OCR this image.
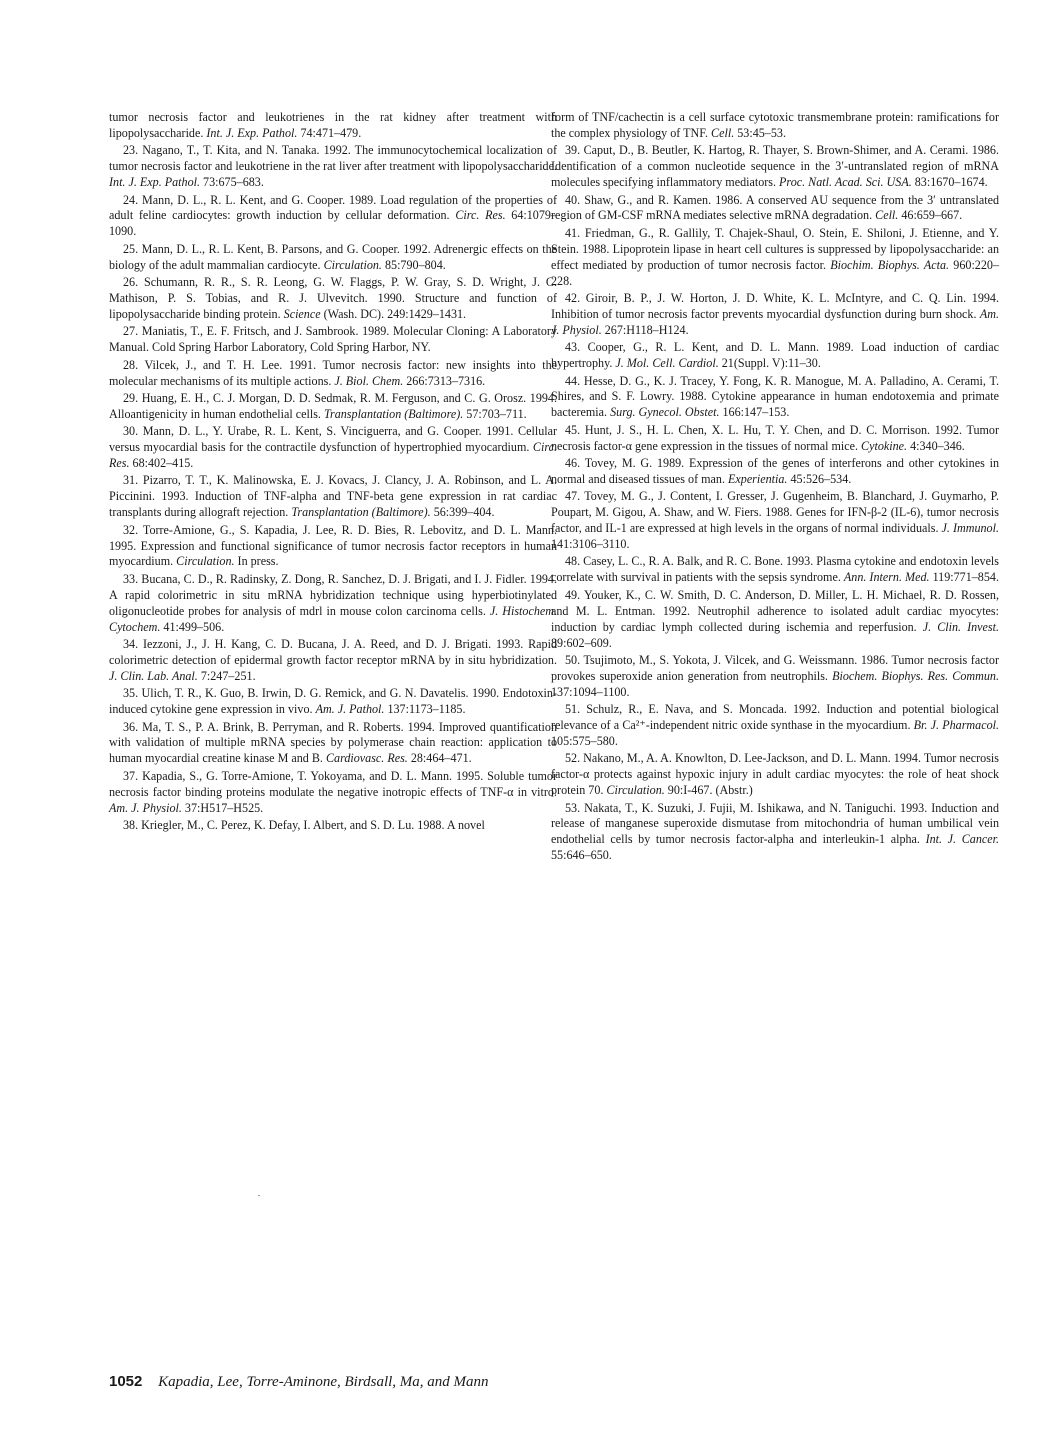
tumor necrosis factor and leukotrienes in the rat kidney after treatment with lipopolysaccharide. Int. J. Exp. Pathol. 74:471–479.

23. Nagano, T., T. Kita, and N. Tanaka. 1992. The immunocytochemical localization of tumor necrosis factor and leukotriene in the rat liver after treatment with lipopolysaccharide. Int. J. Exp. Pathol. 73:675–683.

24. Mann, D. L., R. L. Kent, and G. Cooper. 1989. Load regulation of the properties of adult feline cardiocytes: growth induction by cellular deformation. Circ. Res. 64:1079–1090.

25. Mann, D. L., R. L. Kent, B. Parsons, and G. Cooper. 1992. Adrenergic effects on the biology of the adult mammalian cardiocyte. Circulation. 85:790–804.

26. Schumann, R. R., S. R. Leong, G. W. Flaggs, P. W. Gray, S. D. Wright, J. C. Mathison, P. S. Tobias, and R. J. Ulvevitch. 1990. Structure and function of lipopolysaccharide binding protein. Science (Wash. DC). 249:1429–1431.

27. Maniatis, T., E. F. Fritsch, and J. Sambrook. 1989. Molecular Cloning: A Laboratory Manual. Cold Spring Harbor Laboratory, Cold Spring Harbor, NY.

28. Vilcek, J., and T. H. Lee. 1991. Tumor necrosis factor: new insights into the molecular mechanisms of its multiple actions. J. Biol. Chem. 266:7313–7316.

29. Huang, E. H., C. J. Morgan, D. D. Sedmak, R. M. Ferguson, and C. G. Orosz. 1994. Alloantigenicity in human endothelial cells. Transplantation (Baltimore). 57:703–711.

30. Mann, D. L., Y. Urabe, R. L. Kent, S. Vinciguerra, and G. Cooper. 1991. Cellular versus myocardial basis for the contractile dysfunction of hypertrophied myocardium. Circ. Res. 68:402–415.

31. Pizarro, T. T., K. Malinowska, E. J. Kovacs, J. Clancy, J. A. Robinson, and L. A. Piccinini. 1993. Induction of TNF-alpha and TNF-beta gene expression in rat cardiac transplants during allograft rejection. Transplantation (Baltimore). 56:399–404.

32. Torre-Amione, G., S. Kapadia, J. Lee, R. D. Bies, R. Lebovitz, and D. L. Mann. 1995. Expression and functional significance of tumor necrosis factor receptors in human myocardium. Circulation. In press.

33. Bucana, C. D., R. Radinsky, Z. Dong, R. Sanchez, D. J. Brigati, and I. J. Fidler. 1994. A rapid colorimetric in situ mRNA hybridization technique using hyperbiotinylated oligonucleotide probes for analysis of mdrl in mouse colon carcinoma cells. J. Histochem. Cytochem. 41:499–506.

34. Iezzoni, J., J. H. Kang, C. D. Bucana, J. A. Reed, and D. J. Brigati. 1993. Rapid colorimetric detection of epidermal growth factor receptor mRNA by in situ hybridization. J. Clin. Lab. Anal. 7:247–251.

35. Ulich, T. R., K. Guo, B. Irwin, D. G. Remick, and G. N. Davatelis. 1990. Endotoxin-induced cytokine gene expression in vivo. Am. J. Pathol. 137:1173–1185.

36. Ma, T. S., P. A. Brink, B. Perryman, and R. Roberts. 1994. Improved quantification with validation of multiple mRNA species by polymerase chain reaction: application to human myocardial creatine kinase M and B. Cardiovasc. Res. 28:464–471.

37. Kapadia, S., G. Torre-Amione, T. Yokoyama, and D. L. Mann. 1995. Soluble tumor necrosis factor binding proteins modulate the negative inotropic effects of TNF-α in vitro. Am. J. Physiol. 37:H517–H525.

38. Kriegler, M., C. Perez, K. Defay, I. Albert, and S. D. Lu. 1988. A novel

form of TNF/cachectin is a cell surface cytotoxic transmembrane protein: ramifications for the complex physiology of TNF. Cell. 53:45–53.

39. Caput, D., B. Beutler, K. Hartog, R. Thayer, S. Brown-Shimer, and A. Cerami. 1986. Identification of a common nucleotide sequence in the 3′-untranslated region of mRNA molecules specifying inflammatory mediators. Proc. Natl. Acad. Sci. USA. 83:1670–1674.

40. Shaw, G., and R. Kamen. 1986. A conserved AU sequence from the 3′ untranslated region of GM-CSF mRNA mediates selective mRNA degradation. Cell. 46:659–667.

41. Friedman, G., R. Gallily, T. Chajek-Shaul, O. Stein, E. Shiloni, J. Etienne, and Y. Stein. 1988. Lipoprotein lipase in heart cell cultures is suppressed by lipopolysaccharide: an effect mediated by production of tumor necrosis factor. Biochim. Biophys. Acta. 960:220–228.

42. Giroir, B. P., J. W. Horton, J. D. White, K. L. McIntyre, and C. Q. Lin. 1994. Inhibition of tumor necrosis factor prevents myocardial dysfunction during burn shock. Am. J. Physiol. 267:H118–H124.

43. Cooper, G., R. L. Kent, and D. L. Mann. 1989. Load induction of cardiac hypertrophy. J. Mol. Cell. Cardiol. 21(Suppl. V):11–30.

44. Hesse, D. G., K. J. Tracey, Y. Fong, K. R. Manogue, M. A. Palladino, A. Cerami, T. Shires, and S. F. Lowry. 1988. Cytokine appearance in human endotoxemia and primate bacteremia. Surg. Gynecol. Obstet. 166:147–153.

45. Hunt, J. S., H. L. Chen, X. L. Hu, T. Y. Chen, and D. C. Morrison. 1992. Tumor necrosis factor-α gene expression in the tissues of normal mice. Cytokine. 4:340–346.

46. Tovey, M. G. 1989. Expression of the genes of interferons and other cytokines in normal and diseased tissues of man. Experientia. 45:526–534.

47. Tovey, M. G., J. Content, I. Gresser, J. Gugenheim, B. Blanchard, J. Guymarho, P. Poupart, M. Gigou, A. Shaw, and W. Fiers. 1988. Genes for IFN-β-2 (IL-6), tumor necrosis factor, and IL-1 are expressed at high levels in the organs of normal individuals. J. Immunol. 141:3106–3110.

48. Casey, L. C., R. A. Balk, and R. C. Bone. 1993. Plasma cytokine and endotoxin levels correlate with survival in patients with the sepsis syndrome. Ann. Intern. Med. 119:771–854.

49. Youker, K., C. W. Smith, D. C. Anderson, D. Miller, L. H. Michael, R. D. Rossen, and M. L. Entman. 1992. Neutrophil adherence to isolated adult cardiac myocytes: induction by cardiac lymph collected during ischemia and reperfusion. J. Clin. Invest. 89:602–609.

50. Tsujimoto, M., S. Yokota, J. Vilcek, and G. Weissmann. 1986. Tumor necrosis factor provokes superoxide anion generation from neutrophils. Biochem. Biophys. Res. Commun. 137:1094–1100.

51. Schulz, R., E. Nava, and S. Moncada. 1992. Induction and potential biological relevance of a Ca²⁺-independent nitric oxide synthase in the myocardium. Br. J. Pharmacol. 105:575–580.

52. Nakano, M., A. A. Knowlton, D. Lee-Jackson, and D. L. Mann. 1994. Tumor necrosis factor-α protects against hypoxic injury in adult cardiac myocytes: the role of heat shock protein 70. Circulation. 90:I-467. (Abstr.)

53. Nakata, T., K. Suzuki, J. Fujii, M. Ishikawa, and N. Taniguchi. 1993. Induction and release of manganese superoxide dismutase from mitochondria of human umbilical vein endothelial cells by tumor necrosis factor-alpha and interleukin-1 alpha. Int. J. Cancer. 55:646–650.

1052 Kapadia, Lee, Torre-Aminone, Birdsall, Ma, and Mann
